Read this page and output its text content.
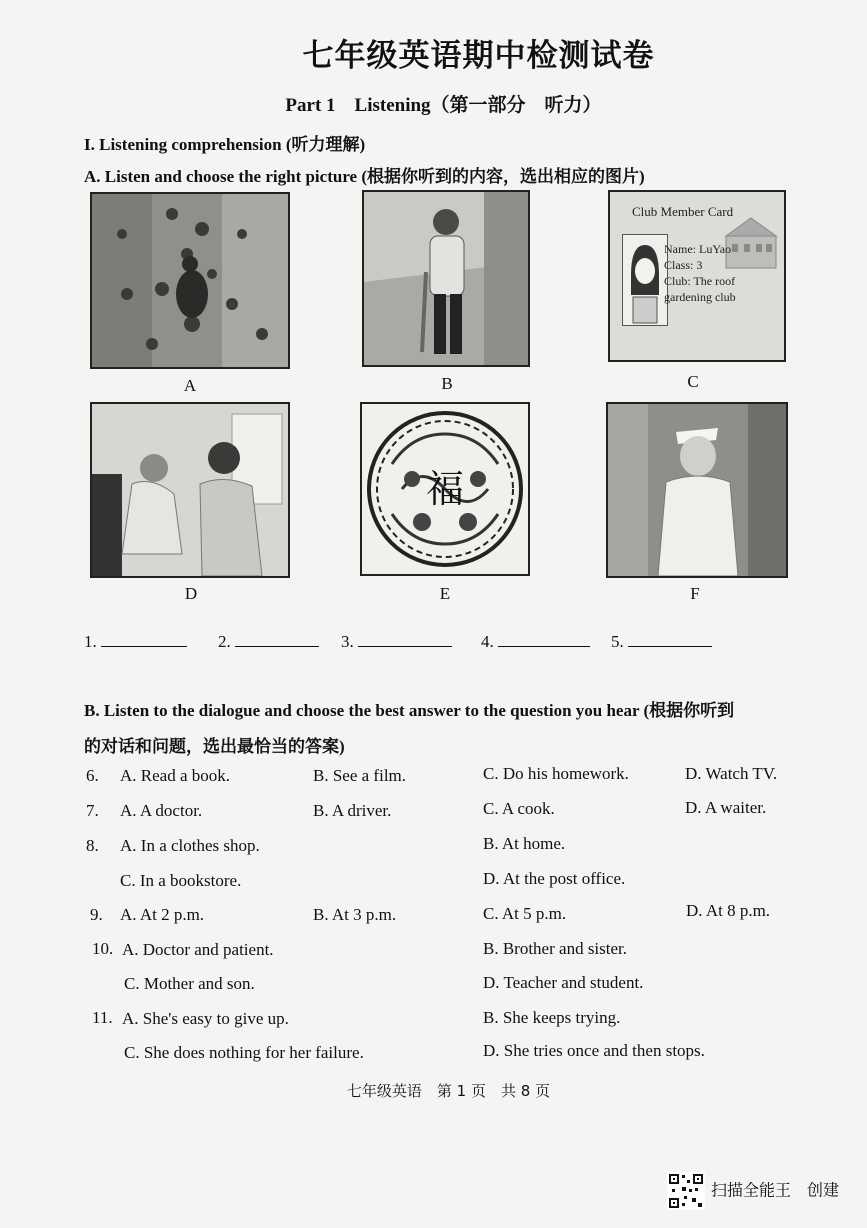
七年级英语期中检测试卷
Part 1　Listening（第一部分　听力）
I. Listening comprehension (听力理解)
A. Listen and choose the right picture (根据你听到的内容，选出相应的图片)
A	B
Club Member Card
Name: LuYao
Class: 3
Club: The roof
gardening club
C
D
福
E	F
1.	2.	3.	4.	5.
B. Listen to the dialogue and choose the best answer to the question you hear (根据你听到
的对话和问题，选出最恰当的答案)
6. A. Read a book.	B. See a film.	C. Do his homework.	D. Watch TV.
7. A. A doctor.	B. A driver.	C. A cook.	D. A waiter.
8. A. In a clothes shop.	B. At home.
C. In a bookstore.	D. At the post office.
9. A. At 2 p.m.	B. At 3 p.m.	C. At 5 p.m.	D. At 8 p.m.
10. A. Doctor and patient.	B. Brother and sister.
C. Mother and son.	D. Teacher and student.
11. A. She's easy to give up.	B. She keeps trying.
C. She does nothing for her failure.	D. She tries once and then stops.
七年级英语　第 1 页　共 8 页
扫描全能王　创建
